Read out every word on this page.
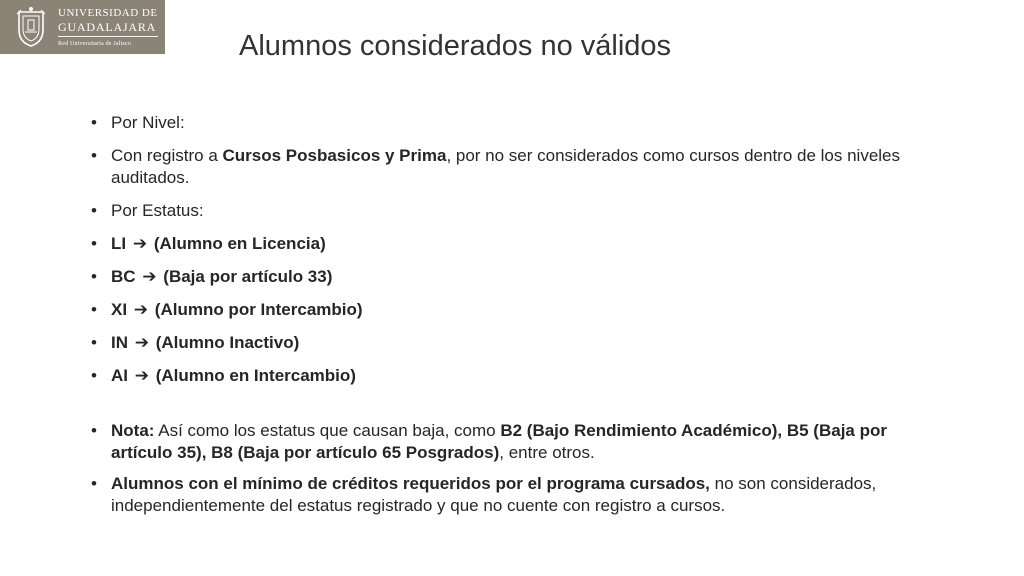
UNIVERSIDAD DE
GUADALAJARA
Red Universitaria de Jalisco	Alumnos considerados no válidos
• Por Nivel:
• Con registro a Cursos Posbasicos y Prima, por no ser considerados como cursos dentro de los niveles auditados.
• Por Estatus:
• LI ➔ (Alumno en Licencia)
• BC ➔ (Baja por artículo 33)
• XI ➔ (Alumno por Intercambio)
• IN ➔ (Alumno Inactivo)
• AI ➔ (Alumno en Intercambio)
• Nota: Así como los estatus que causan baja, como B2 (Bajo Rendimiento Académico), B5 (Baja por artículo 35), B8 (Baja por artículo 65 Posgrados), entre otros.
• Alumnos con el mínimo de créditos requeridos por el programa cursados, no son considerados, independientemente del estatus registrado y que no cuente con registro a cursos.
